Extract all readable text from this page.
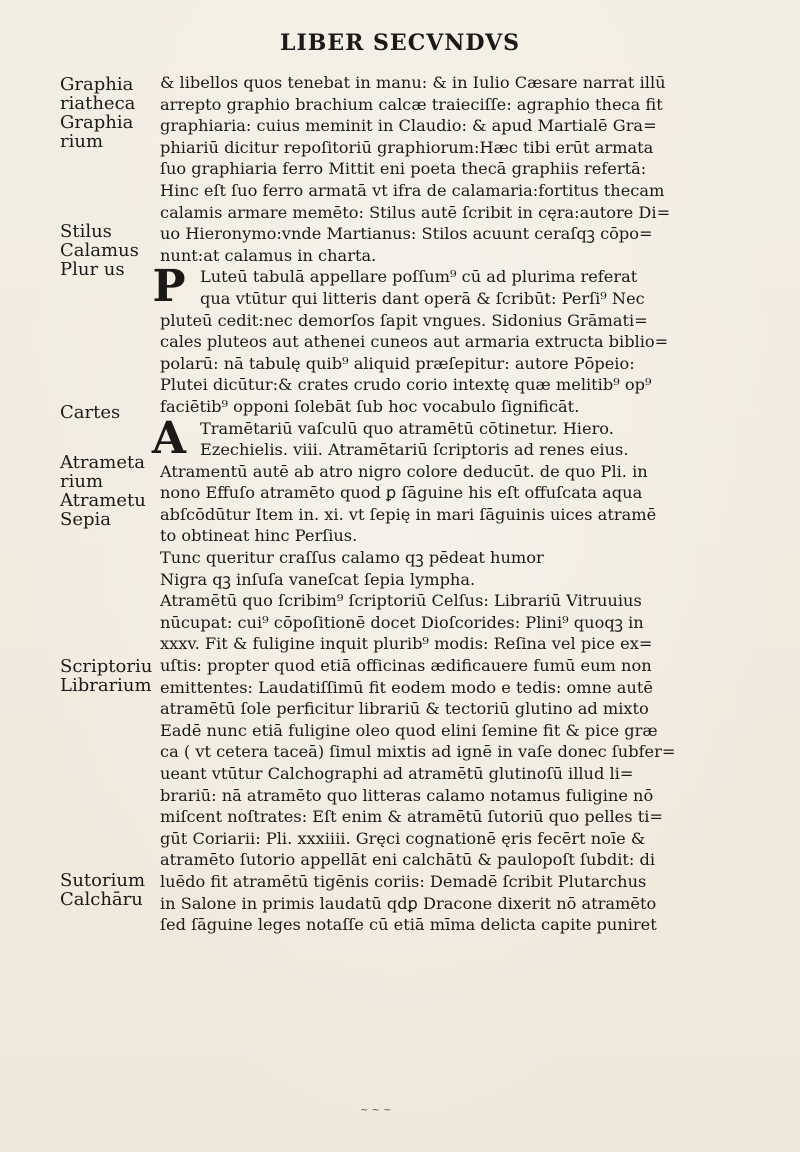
LIBER SECVNDVS
Graphia
riatheca
Graphia
rium
Stilus
Calamus
Plur us
Cartes
Atrameta
rium
Atrametu
Sepia
Scriptoriu
Librarium
Sutorium
Calchāru
& libellos quos tenebat in manu: & in Iulio Cæsare narrat illū
arrepto graphio brachium calcæ traieciſſe: agraphio theca fit
graphiaria: cuius meminit in Claudio: & apud Martialē Gra=
phiariū dicitur repoſitoriū graphiorum:Hæc tibi erūt armata
ſuo graphiaria ferro Mittit eni poeta thecā graphiis refertā:
Hinc eſt ſuo ferro armatā vt ifra de calamaria:fortitus thecam
calamis armare memēto: Stilus autē ſcribit in cęra:autore Di=
uo Hieronymo:vnde Martianus: Stilos acuunt ceraſqꝫ cōpo=
nunt:at calamus in charta.
P Luteū tabulā appellare poſſum⁹ cū ad plurima referat
qua vtūtur qui litteris dant operā & ſcribūt: Perſi⁹ Nec
pluteū cedit:nec demorſos ſapit vngues. Sidonius Grāmati=
cales pluteos aut athenei cuneos aut armaria extructa biblio=
polarū: nā tabulę quib⁹ aliquid præſepitur: autore Pōpeio:
Plutei dicūtur:& crates crudo corio intextę quæ melitib⁹ op⁹
faciētib⁹ opponi ſolebāt ſub hoc vocabulo ſignificāt.
A Tramētariū vaſculū quo atramētū cōtinetur. Hiero.
Ezechielis. viii. Atramētariū ſcriptoris ad renes eius.
Atramentū autē ab atro nigro colore deducūt. de quo Pli. in
nono Effuſo atramēto quod ꝑ ſāguine his eſt offuſcata aqua
abſcōdūtur Item in. xi. vt ſepię in mari ſāguinis uices atramē
to obtineat hinc Perſius.
Tunc queritur craſſus calamo qꝫ pēdeat humor
Nigra qꝫ inſuſa vaneſcat ſepia lympha.
Atramētū quo ſcribim⁹ ſcriptoriū Celſus: Librariū Vitruuius
nūcupat: cui⁹ cōpoſitionē docet Dioſcorides: Plini⁹ quoqꝫ in
xxxv. Fit & fuligine inquit plurib⁹ modis: Reſina vel pice ex=
uſtis: propter quod etiā officinas ædificauere fumū eum non
emittentes: Laudatiſſimū fit eodem modo e tedis: omne autē
atramētū ſole perficitur librariū & tectoriū glutino ad mixto
Eadē nunc etiā fuligine oleo quod elini ſemine fit & pice græ
ca ( vt cetera taceā) ſimul mixtis ad ignē in vaſe donec ſubfer=
ueant vtūtur Calchographi ad atramētū glutinoſū illud li=
brariū: nā atramēto quo litteras calamo notamus fuligine nō
miſcent noſtrates: Eſt enim & atramētū ſutoriū quo pelles ti=
gūt Coriarii: Pli. xxxiiii. Gręci cognationē ęris fecērt noīe &
atramēto ſutorio appellāt eni calchātū & paulopoſt ſubdit: di
luēdo fit atramētū tigēnis coriis: Demadē ſcribit Plutarchus
in Salone in primis laudatū qdꝑ Dracone dixerit nō atramēto
ſed ſāguine leges notaſſe cū etiā mīma delicta capite puniret
~ ~ ~
